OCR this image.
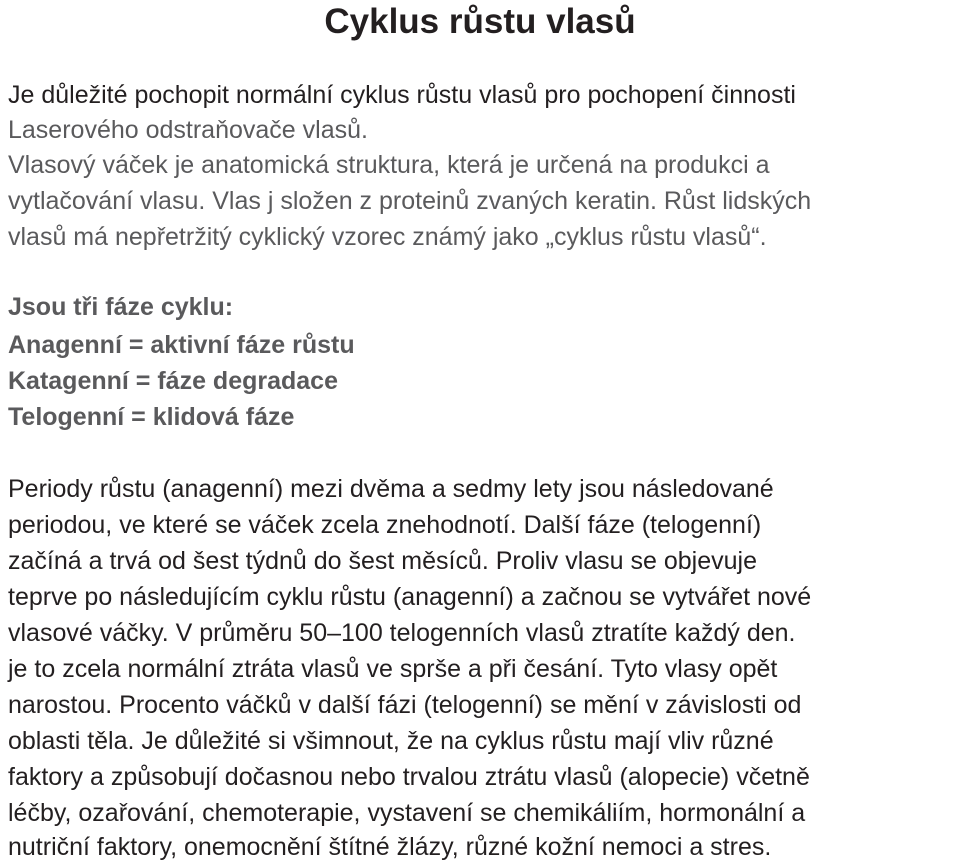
Cyklus růstu vlasů

Je důležité pochopit normální cyklus růstu vlasů pro pochopení činnosti

Laserového odstraňovače vlasů.

Vlasový váček je anatomická struktura, která je určená na produkci a

vytlačování vlasu. Vlas j složen z proteinů zvaných keratin. Růst lidských

vlasů má nepřetržitý cyklický vzorec známý jako „cyklus růstu vlasů“.

Jsou tři fáze cyklu:

Anagenní = aktivní fáze růstu

Katagenní = fáze degradace

Telogenní = klidová fáze

Periody růstu (anagenní) mezi dvěma a sedmy lety jsou následované

periodou, ve které se váček zcela znehodnotí. Další fáze (telogenní)

začíná a trvá od šest týdnů do šest měsíců. Proliv vlasu se objevuje

teprve po následujícím cyklu růstu (anagenní) a začnou se vytvářet nové

vlasové váčky. V průměru 50–100 telogenních vlasů ztratíte každý den.

je to zcela normální ztráta vlasů ve sprše a při česání. Tyto vlasy opět

narostou. Procento váčků v další fázi (telogenní) se mění v závislosti od

oblasti těla. Je důležité si všimnout, že na cyklus růstu mají vliv různé

faktory a způsobují dočasnou nebo trvalou ztrátu vlasů (alopecie) včetně

léčby, ozařování, chemoterapie, vystavení se chemikáliím, hormonální a

nutriční faktory, onemocnění štítné žlázy, různé kožní nemoci a stres.
